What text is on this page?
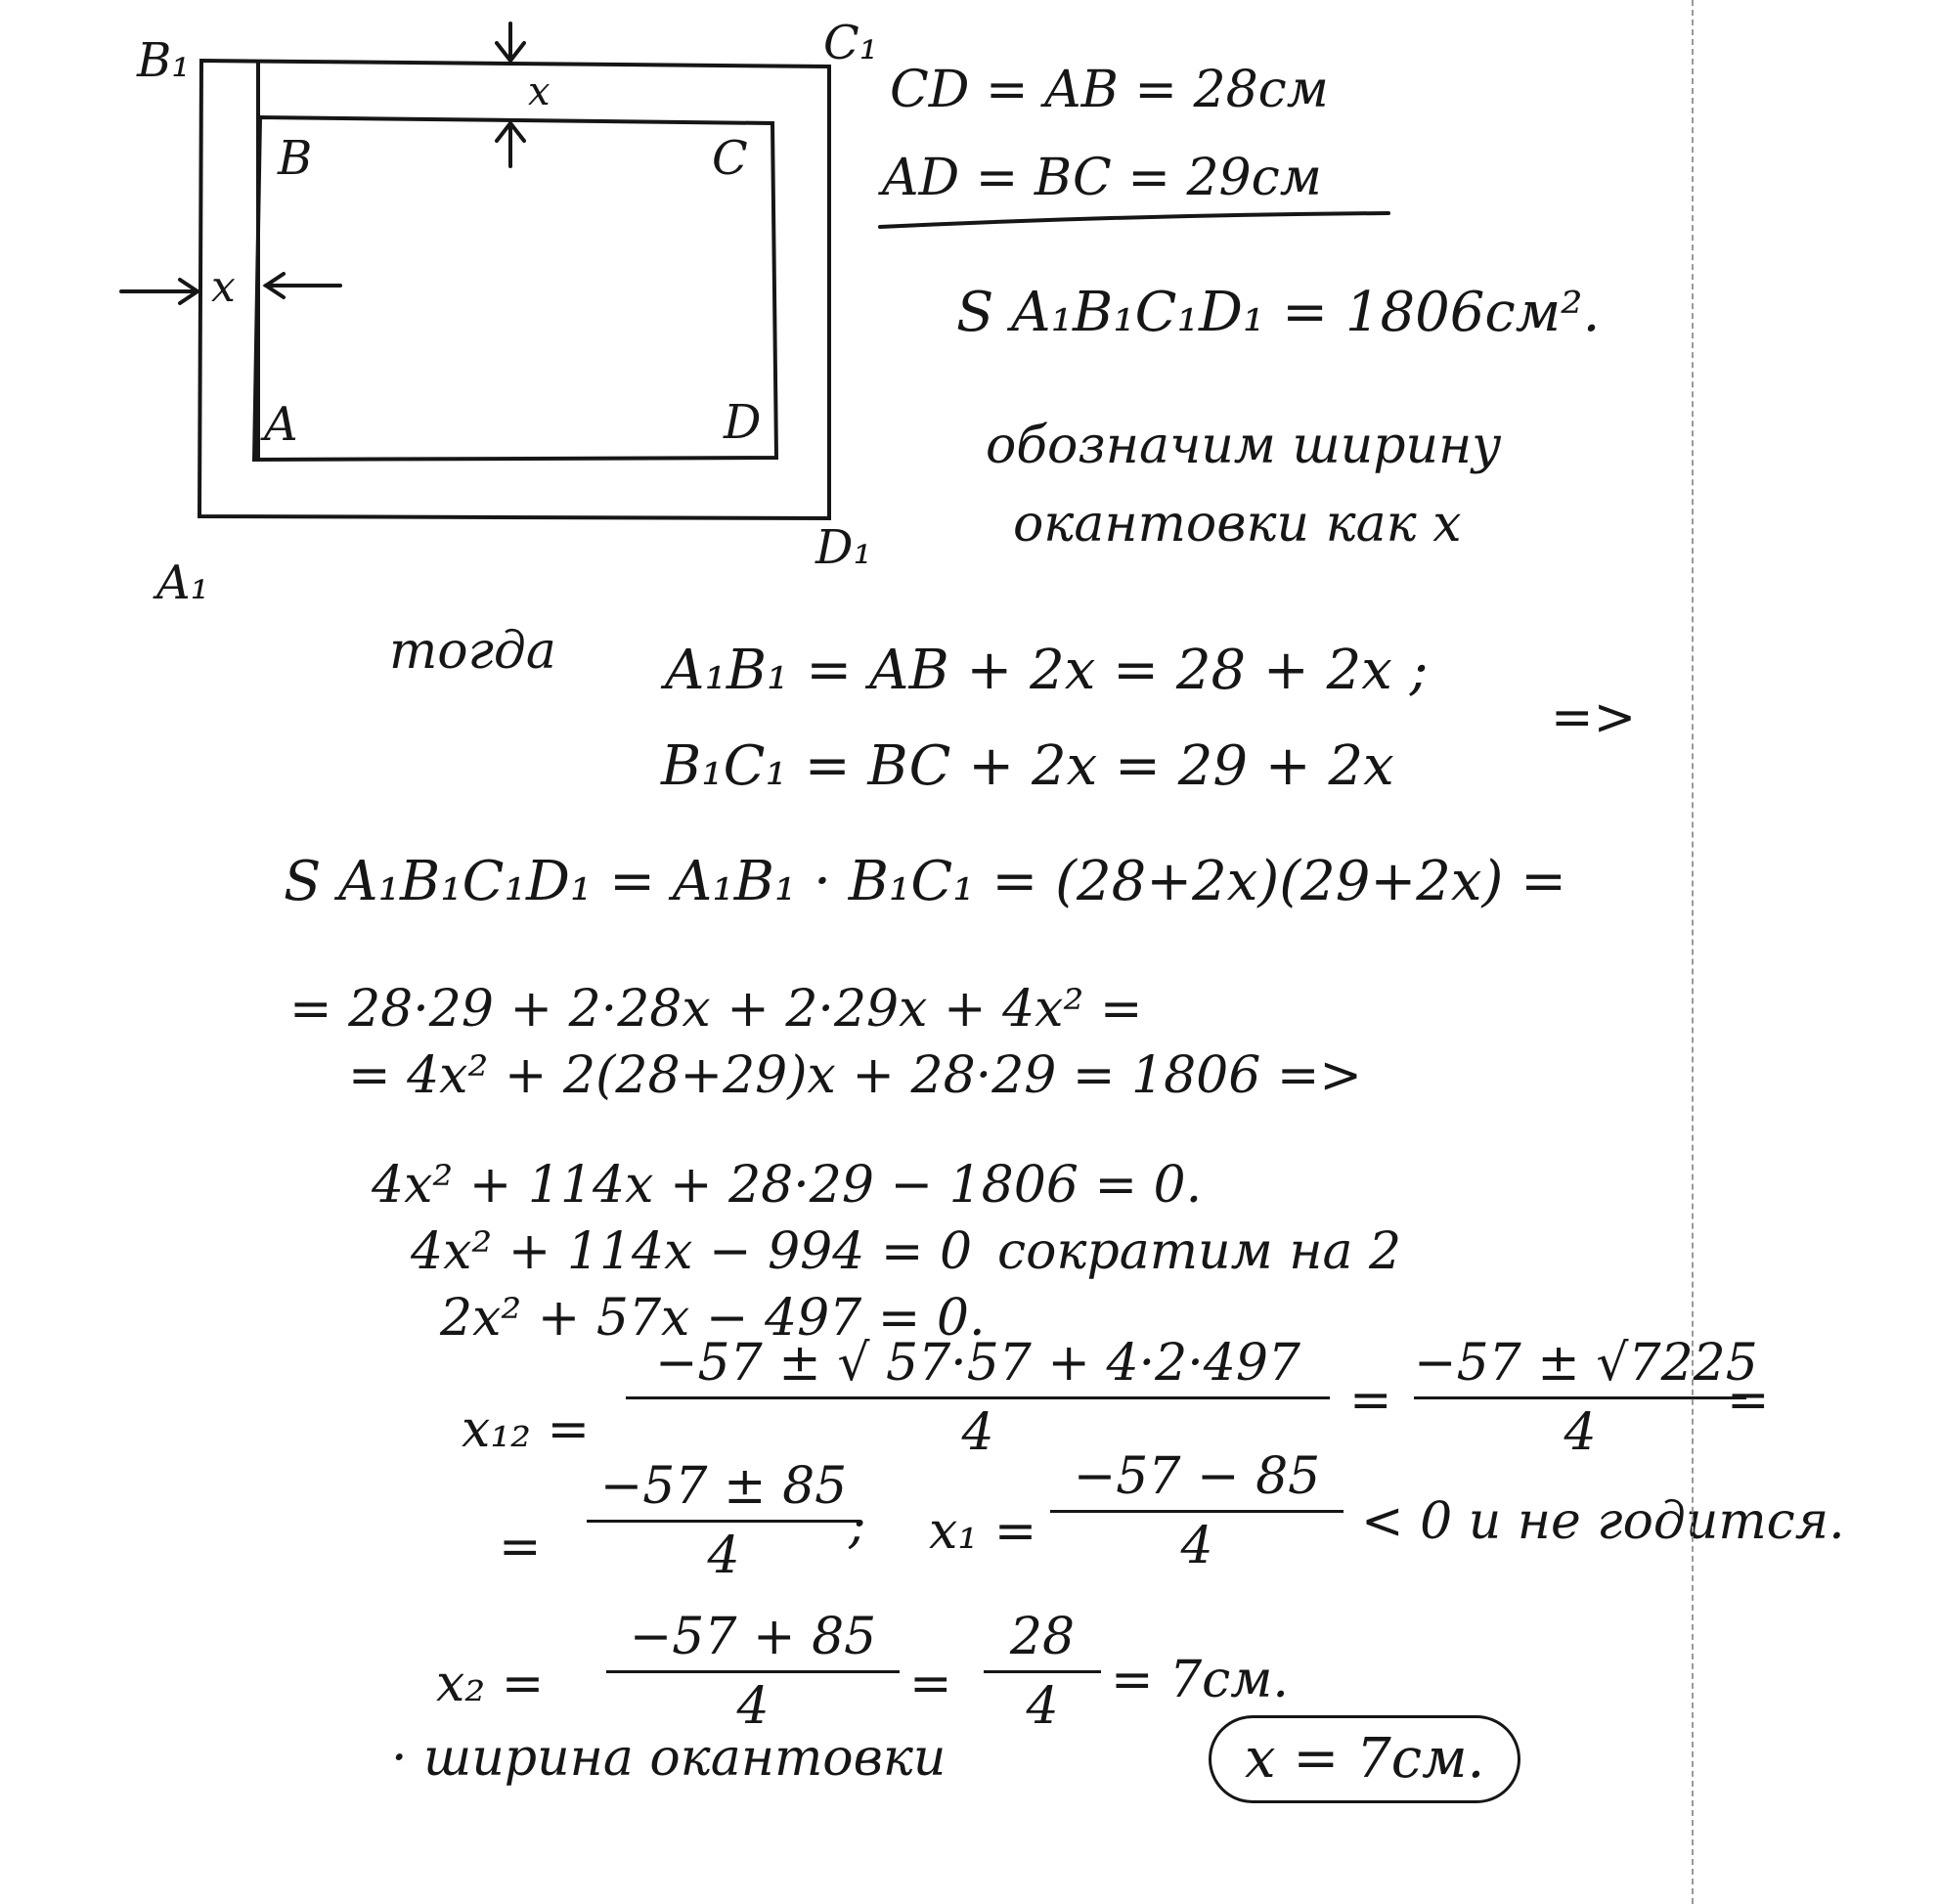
B₁	C₁
A₁
D₁
B	C
A	D
x
x
CD = AB = 28см
AD = BC = 29см
S A₁B₁C₁D₁ = 1806см².
обозначим ширину
окантовки как x
тогда A₁B₁ = AB + 2x = 28 + 2x ;
=>
B₁C₁ = BC + 2x = 29 + 2x
S A₁B₁C₁D₁ = A₁B₁ · B₁C₁ = (28+2x)(29+2x) =
= 28·29 + 2·28x + 2·29x + 4x² =
= 4x² + 2(28+29)x + 28·29 = 1806 =>
4x² + 114x + 28·29 − 1806 = 0.
4x² + 114x − 994 = 0 сократим на 2
2x² + 57x − 497 = 0.
x₁₂ =
−57 ± √ 57·57 + 4·2·497
4
=
−57 ± √7225
4
=
=
−57 ± 85
4
; x₁ =
−57 − 85
4	< 0 и не годится.
x₂ =
−57 + 85
4	=
28
4	= 7см.
· ширина окантовки	x = 7см.
